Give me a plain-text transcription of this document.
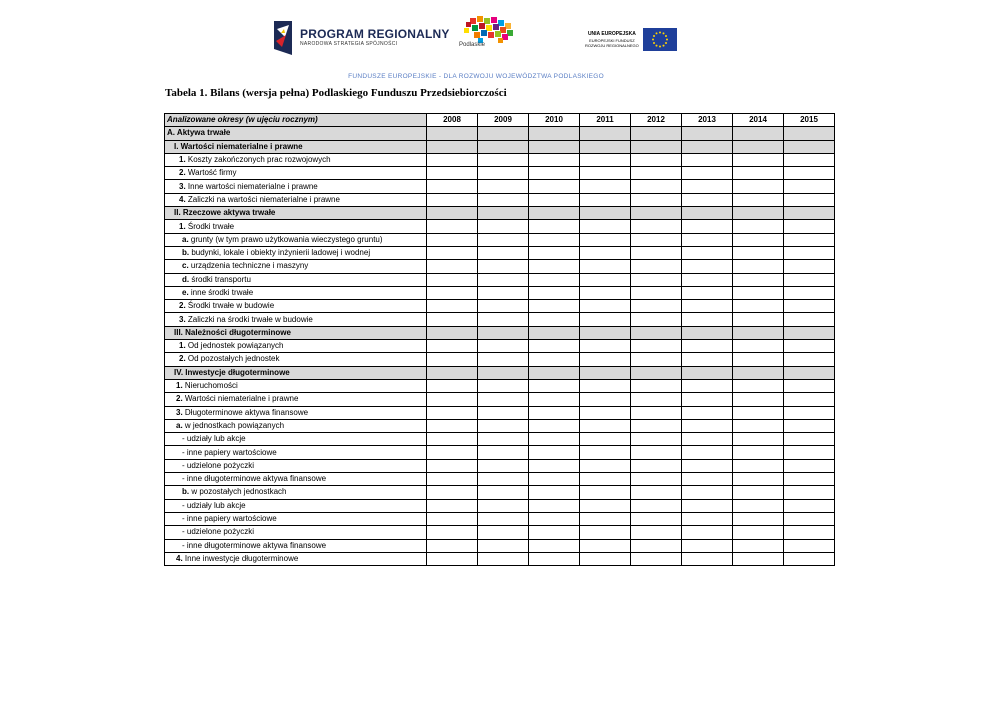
PROGRAM REGIONALNY
NARODOWA STRATEGIA SPÓJNOŚCI	Podlaskie
UNIA EUROPEJSKA
EUROPEJSKI FUNDUSZ
ROZWOJU REGIONALNEGO
FUNDUSZE EUROPEJSKIE - DLA ROZWOJU WOJEWÓDZTWA PODLASKIEGO
Tabela 1. Bilans (wersja pełna) Podlaskiego Funduszu Przedsiebiorczości
Analizowane okresy (w ujęciu rocznym)	2008	2009	2010	2011	2012	2013	2014	2015
A. Aktywa trwałe								
I. Wartości niematerialne i prawne								
1. Koszty zakończonych prac rozwojowych								
2. Wartość firmy								
3. Inne wartości niematerialne i prawne								
4. Zaliczki na wartości niematerialne i prawne								
II. Rzeczowe aktywa trwałe								
1. Środki trwałe								
a. grunty (w tym prawo użytkowania wieczystego gruntu)								
b. budynki, lokale i obiekty inżynierii ladowej i wodnej								
c. urządzenia techniczne i maszyny								
d. środki transportu								
e. inne środki trwałe								
2. Środki trwałe w budowie								
3. Zaliczki na środki trwałe w budowie								
III. Należności długoterminowe								
1. Od jednostek powiązanych								
2. Od pozostałych jednostek								
IV. Inwestycje długoterminowe								
1. Nieruchomości								
2. Wartości niematerialne i prawne								
3. Długoterminowe aktywa finansowe								
a. w jednostkach powiązanych								
- udziały lub akcje								
- inne papiery wartościowe								
- udzielone pożyczki								
- inne długoterminowe aktywa finansowe								
b. w pozostałych jednostkach								
- udziały lub akcje								
- inne papiery wartościowe								
- udzielone pożyczki								
- inne długoterminowe aktywa finansowe								
4. Inne inwestycje długoterminowe								
